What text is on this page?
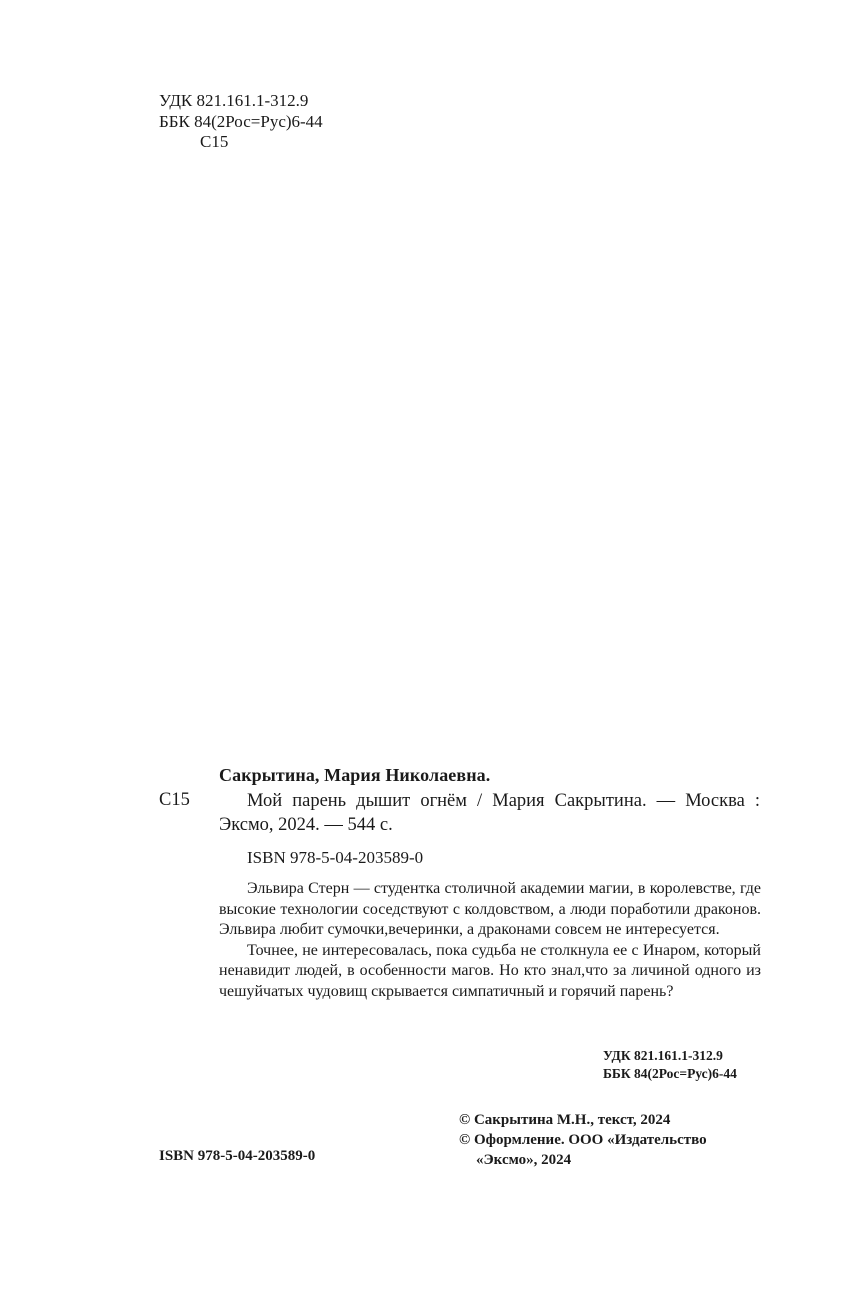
УДК 821.161.1-312.9
ББК 84(2Рос=Рус)6-44
С15
Сакрытина, Мария Николаевна.
С15	Мой парень дышит огнём / Мария Сакрытина. — Москва : Эксмо, 2024. — 544 с.
ISBN 978-5-04-203589-0

Эльвира Стерн — студентка столичной академии магии, в королевстве, где высокие технологии соседствуют с колдовством, а люди поработили драконов. Эльвира любит сумочки,вечеринки, а драконами совсем не интересуется.

Точнее, не интересовалась, пока судьба не столкнула ее с Инаром, который ненавидит людей, в особенности магов. Но кто знал,что за личиной одного из чешуйчатых чудовищ скрывается симпатичный и горячий парень?

УДК 821.161.1-312.9
ББК 84(2Рос=Рус)6-44
© Сакрытина М.Н., текст, 2024
© Оформление. ООО «Издательство
«Эксмо», 2024
ISBN 978-5-04-203589-0
